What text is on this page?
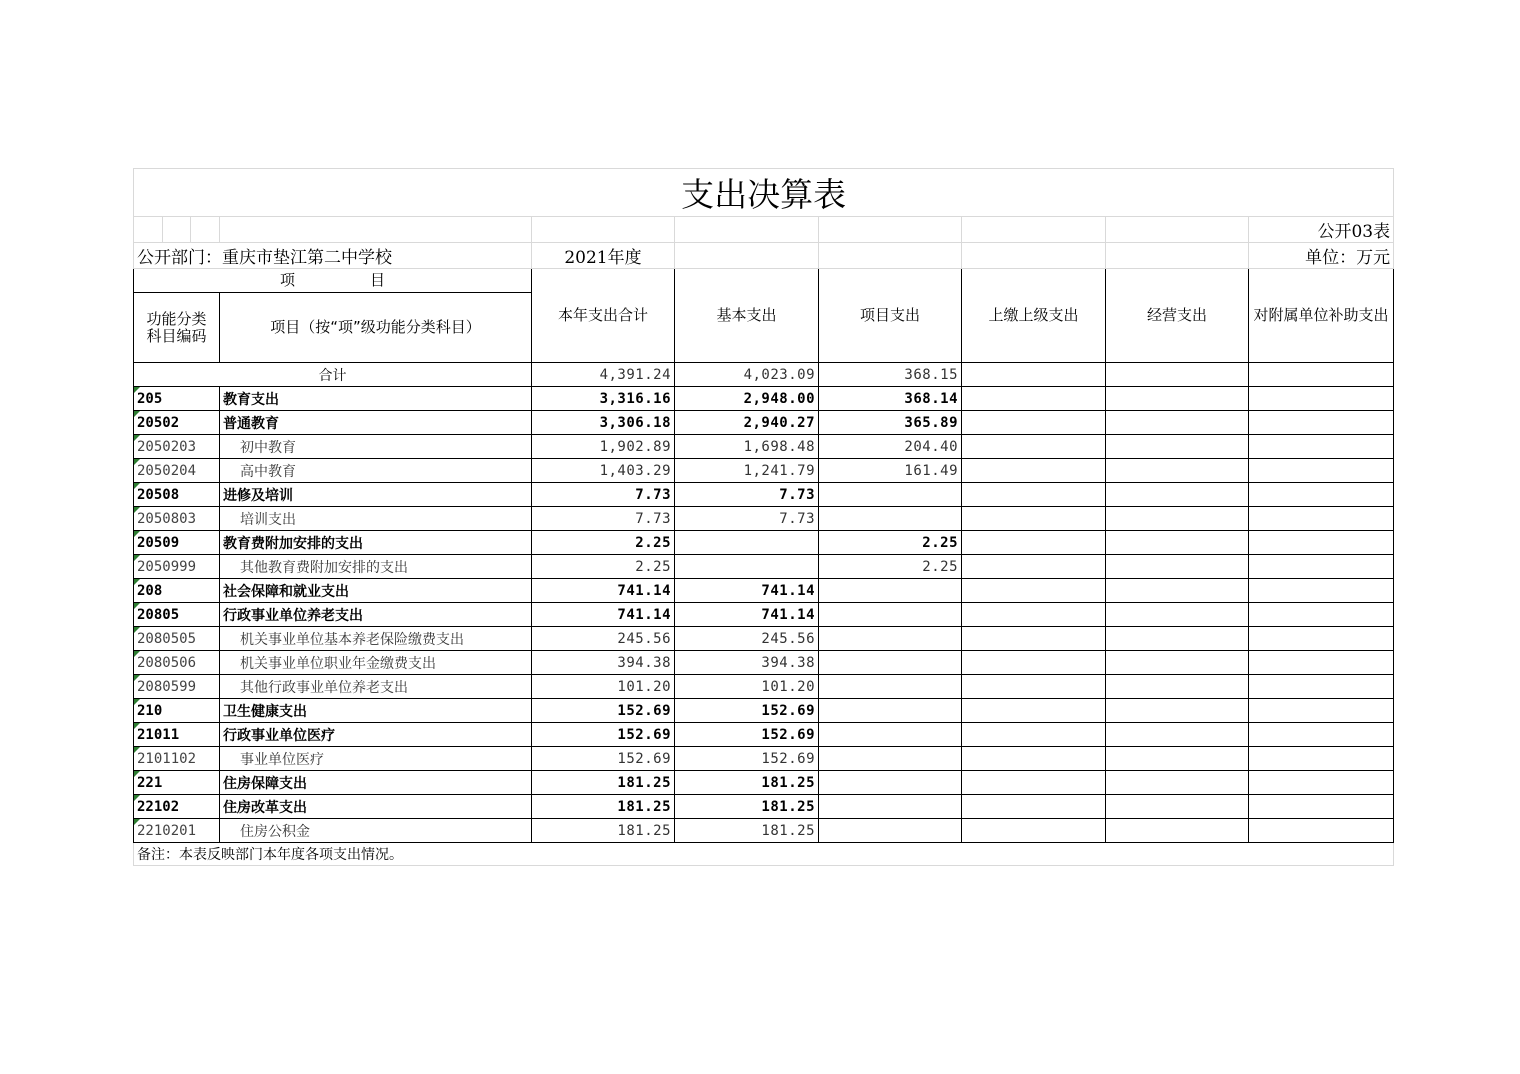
支出决算表									
									公开03表
公开部门：重庆市垫江第二中学校				2021年度					单位：万元
项　　　　　目				本年支出合计	基本支出	项目支出	上缴上级支出	经营支出	对附属单位补助支出
功能分类科目编码			项目（按“项”级功能分类科目）						
合计				4,391.24	4,023.09	368.15			
205			教育支出	3,316.16	2,948.00	368.14			
20502			普通教育	3,306.18	2,940.27	365.89			
2050203			初中教育	1,902.89	1,698.48	204.40			
2050204			高中教育	1,403.29	1,241.79	161.49			
20508			进修及培训	7.73	7.73				
2050803			培训支出	7.73	7.73				
20509			教育费附加安排的支出	2.25		2.25			
2050999			其他教育费附加安排的支出	2.25		2.25			
208			社会保障和就业支出	741.14	741.14				
20805			行政事业单位养老支出	741.14	741.14				
2080505			机关事业单位基本养老保险缴费支出	245.56	245.56				
2080506			机关事业单位职业年金缴费支出	394.38	394.38				
2080599			其他行政事业单位养老支出	101.20	101.20				
210			卫生健康支出	152.69	152.69				
21011			行政事业单位医疗	152.69	152.69				
2101102			事业单位医疗	152.69	152.69				
221			住房保障支出	181.25	181.25				
22102			住房改革支出	181.25	181.25				
2210201			住房公积金	181.25	181.25				
备注：本表反映部门本年度各项支出情况。									
